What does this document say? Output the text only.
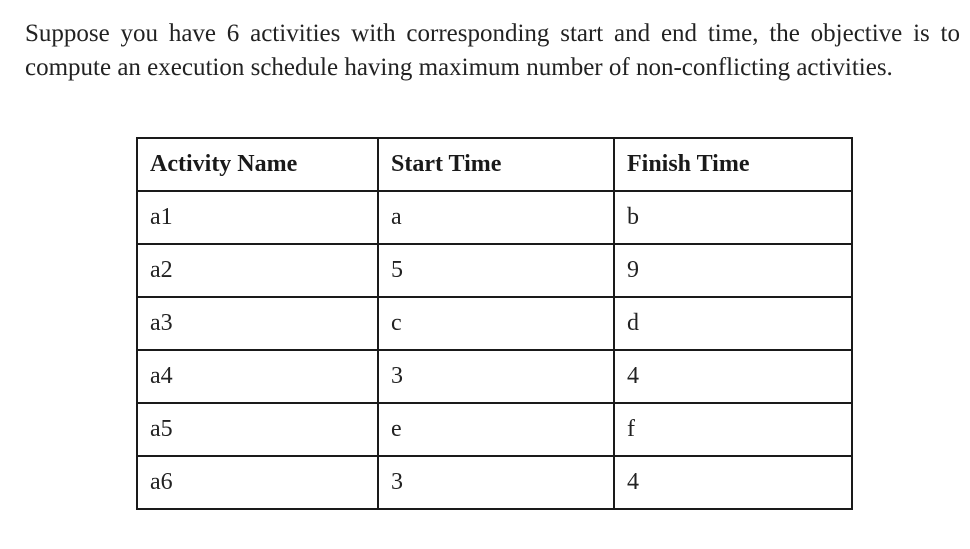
Suppose you have 6 activities with corresponding start and end time, the objective is to compute an execution schedule having maximum number of non-conflicting activities.

Activity Name	Start Time	Finish Time
a1	a	b
a2	5	9
a3	c	d
a4	3	4
a5	e	f
a6	3	4
